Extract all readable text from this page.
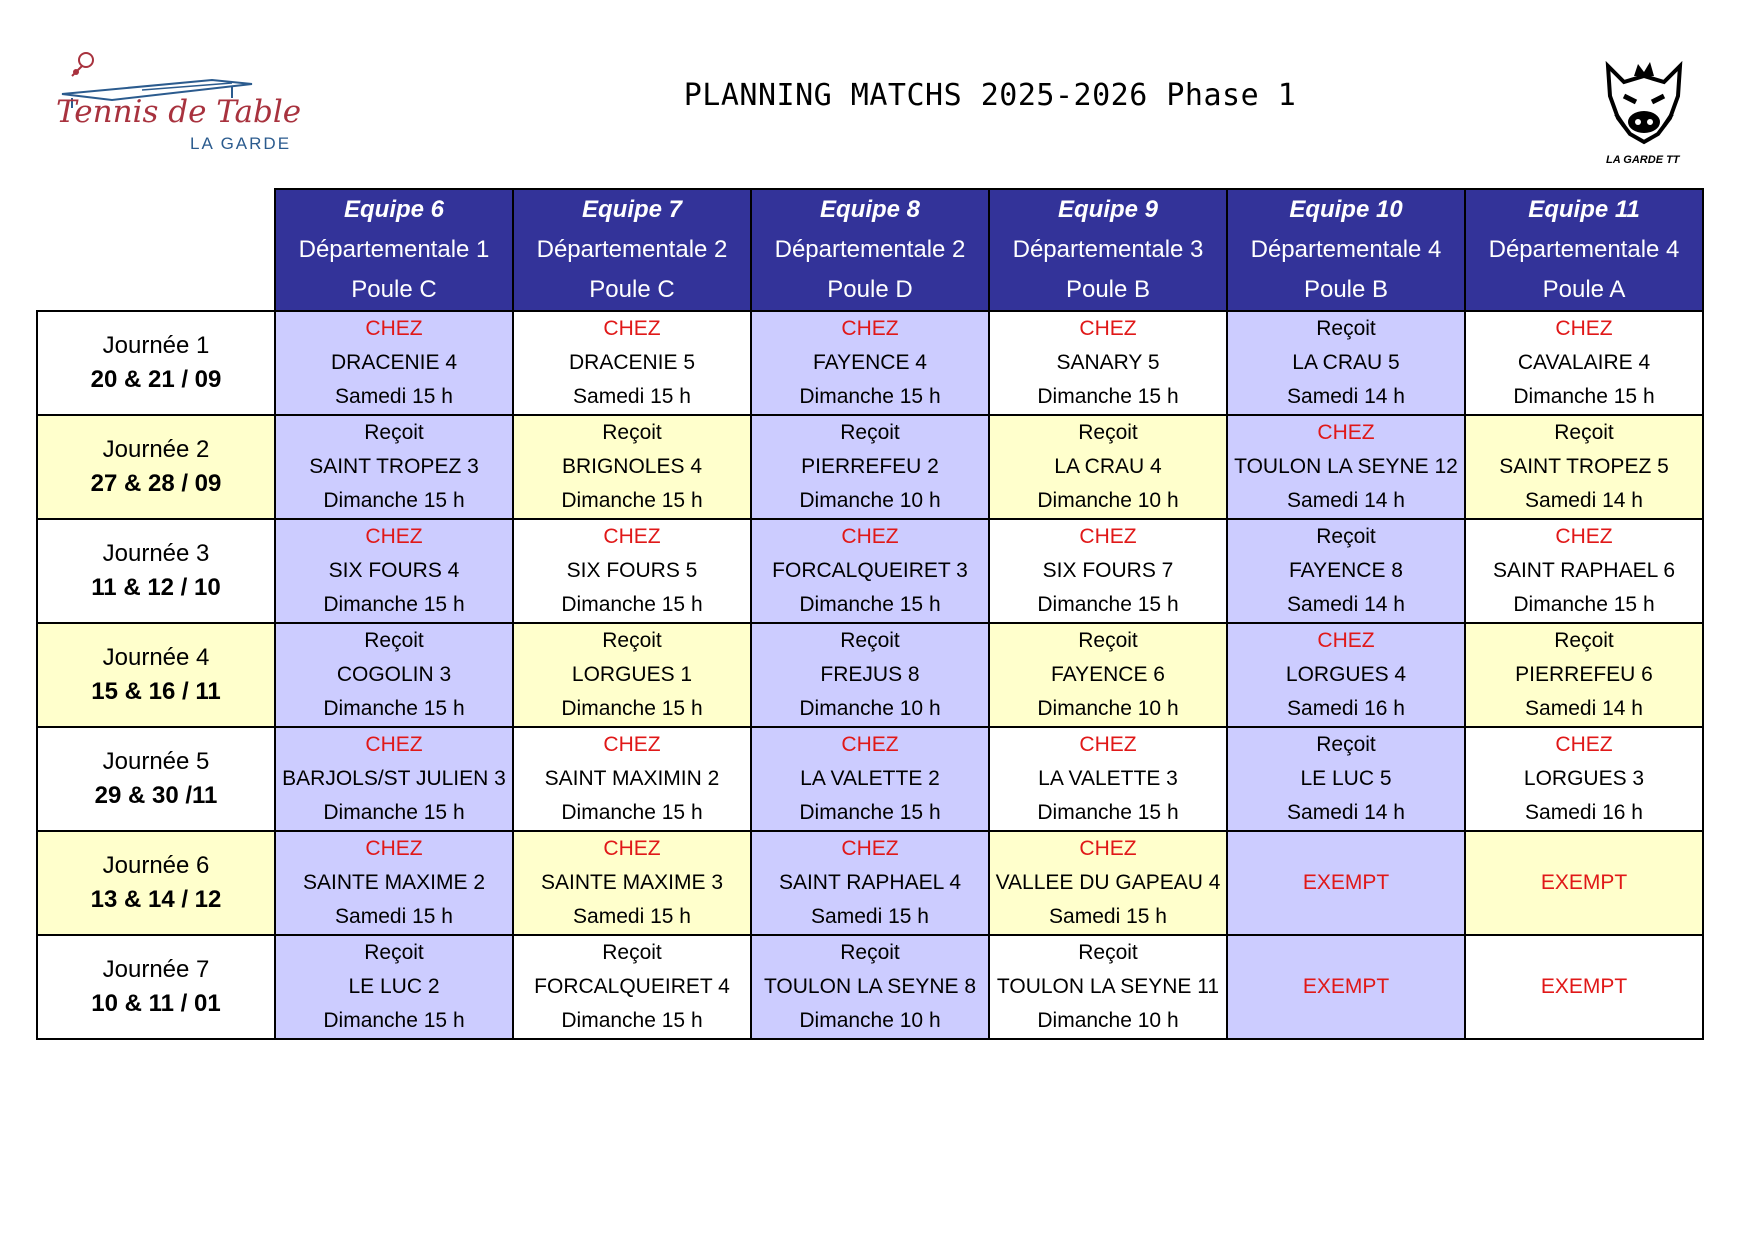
Tennis de Table
LA GARDE
PLANNING MATCHS 2025-2026 Phase 1
LA GARDE TT

	Equipe 6
Départementale 1
Poule C	Equipe 7
Départementale 2
Poule C	Equipe 8
Départementale 2
Poule D	Equipe 9
Départementale 3
Poule B	Equipe 10
Départementale 4
Poule B	Equipe 11
Départementale 4
Poule A

Journée 1
20 & 21 / 09	CHEZ
DRACENIE 4
Samedi 15 h	CHEZ
DRACENIE 5
Samedi 15 h	CHEZ
FAYENCE 4
Dimanche 15 h	CHEZ
SANARY 5
Dimanche 15 h	Reçoit
LA CRAU 5
Samedi 14 h	CHEZ
CAVALAIRE 4
Dimanche 15 h

Journée 2
27 & 28 / 09	Reçoit
SAINT TROPEZ 3
Dimanche 15 h	Reçoit
BRIGNOLES 4
Dimanche 15 h	Reçoit
PIERREFEU 2
Dimanche 10 h	Reçoit
LA CRAU 4
Dimanche 10 h	CHEZ
TOULON LA SEYNE 12
Samedi 14 h	Reçoit
SAINT TROPEZ 5
Samedi 14 h

Journée 3
11 & 12 / 10	CHEZ
SIX FOURS 4
Dimanche 15 h	CHEZ
SIX FOURS 5
Dimanche 15 h	CHEZ
FORCALQUEIRET 3
Dimanche 15 h	CHEZ
SIX FOURS 7
Dimanche 15 h	Reçoit
FAYENCE 8
Samedi 14 h	CHEZ
SAINT RAPHAEL 6
Dimanche 15 h

Journée 4
15 & 16 / 11	Reçoit
COGOLIN 3
Dimanche 15 h	Reçoit
LORGUES 1
Dimanche 15 h	Reçoit
FREJUS 8
Dimanche 10 h	Reçoit
FAYENCE 6
Dimanche 10 h	CHEZ
LORGUES 4
Samedi 16 h	Reçoit
PIERREFEU 6
Samedi 14 h

Journée 5
29 & 30 /11	CHEZ
BARJOLS/ST JULIEN 3
Dimanche 15 h	CHEZ
SAINT MAXIMIN 2
Dimanche 15 h	CHEZ
LA VALETTE 2
Dimanche 15 h	CHEZ
LA VALETTE 3
Dimanche 15 h	Reçoit
LE LUC 5
Samedi 14 h	CHEZ
LORGUES 3
Samedi 16 h

Journée 6
13 & 14 / 12	CHEZ
SAINTE MAXIME 2
Samedi 15 h	CHEZ
SAINTE MAXIME 3
Samedi 15 h	CHEZ
SAINT RAPHAEL 4
Samedi 15 h	CHEZ
VALLEE DU GAPEAU 4
Samedi 15 h	EXEMPT	EXEMPT

Journée 7
10 & 11 / 01	Reçoit
LE LUC 2
Dimanche 15 h	Reçoit
FORCALQUEIRET 4
Dimanche 15 h	Reçoit
TOULON LA SEYNE 8
Dimanche 10 h	Reçoit
TOULON LA SEYNE 11
Dimanche 10 h	EXEMPT	EXEMPT
